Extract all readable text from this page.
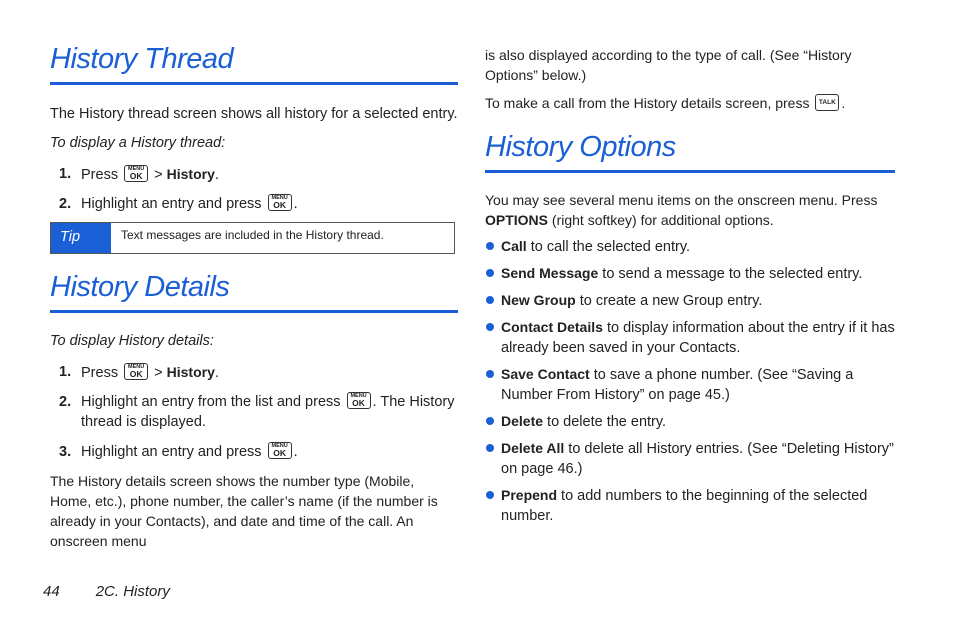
History Thread

The History thread screen shows all history for a selected entry.

To display a History thread:

1. Press	MENU
OK > History.
2. Highlight an entry and press	MENU
OK .
Tip	Text messages are included in the History thread.
History Details

To display History details:

1. Press	MENU
OK > History.
2. Highlight an entry from the list and press	MENU
OK . The History thread is displayed.
3. Highlight an entry and press	MENU
OK .

The History details screen shows the number type (Mobile, Home, etc.), phone number, the caller’s name (if the number is already in your Contacts), and date and time of the call. An onscreen menu

is also displayed according to the type of call. (See “History Options” below.)

To make a call from the History details screen, press	TALK .

History Options

You may see several menu items on the onscreen menu. Press OPTIONS (right softkey) for additional options.

Call to call the selected entry.
Send Message to send a message to the selected entry.
New Group to create a new Group entry.
Contact Details to display information about the entry if it has already been saved in your Contacts.
Save Contact to save a phone number. (See “Saving a Number From History” on page 45.)
Delete to delete the entry.
Delete All to delete all History entries. (See “Deleting History” on page 46.)
Prepend to add numbers to the beginning of the selected number.
44 2C. History
